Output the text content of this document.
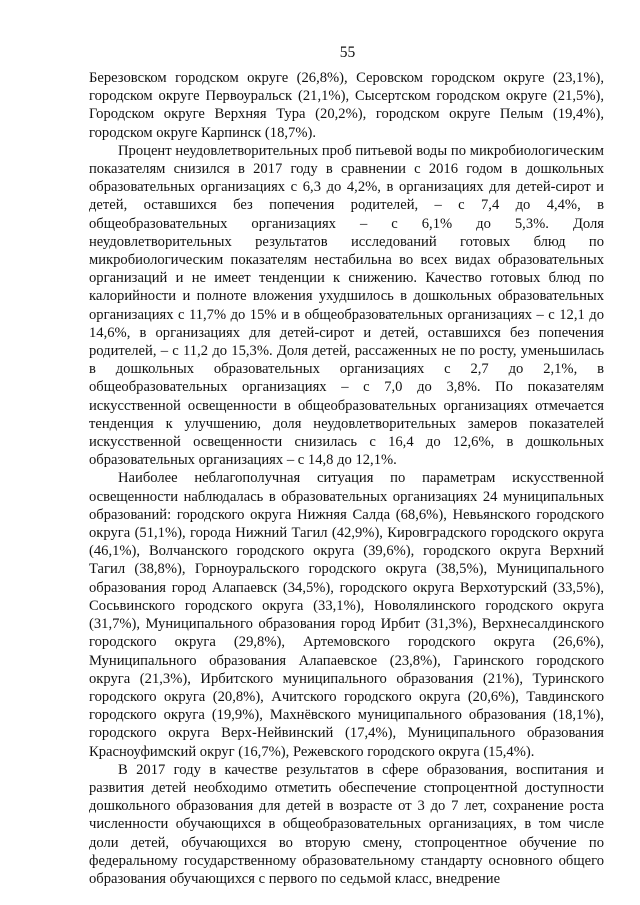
55

Березовском городском округе (26,8%), Серовском городском округе (23,1%), городском округе Первоуральск (21,1%), Сысертском городском округе (21,5%), Городском округе Верхняя Тура (20,2%), городском округе Пелым (19,4%), городском округе Карпинск (18,7%).

Процент неудовлетворительных проб питьевой воды по микробиологическим показателям снизился в 2017 году в сравнении с 2016 годом в дошкольных образовательных организациях с 6,3 до 4,2%, в организациях для детей-сирот и детей, оставшихся без попечения родителей, – с 7,4 до 4,4%, в общеобразовательных организациях – с 6,1% до 5,3%. Доля неудовлетворительных результатов исследований готовых блюд по микробиологическим показателям нестабильна во всех видах образовательных организаций и не имеет тенденции к снижению. Качество готовых блюд по калорийности и полноте вложения ухудшилось в дошкольных образовательных организациях с 11,7% до 15% и в общеобразовательных организациях – с 12,1 до 14,6%, в организациях для детей-сирот и детей, оставшихся без попечения родителей, – с 11,2 до 15,3%. Доля детей, рассаженных не по росту, уменьшилась в дошкольных образовательных организациях с 2,7 до 2,1%, в общеобразовательных организациях – с 7,0 до 3,8%. По показателям искусственной освещенности в общеобразовательных организациях отмечается тенденция к улучшению, доля неудовлетворительных замеров показателей искусственной освещенности снизилась с 16,4 до 12,6%, в дошкольных образовательных организациях – с 14,8 до 12,1%.

Наиболее неблагополучная ситуация по параметрам искусственной освещенности наблюдалась в образовательных организациях 24 муниципальных образований: городского округа Нижняя Салда (68,6%), Невьянского городского округа (51,1%), города Нижний Тагил (42,9%), Кировградского городского округа (46,1%), Волчанского городского округа (39,6%), городского округа Верхний Тагил (38,8%), Горноуральского городского округа (38,5%), Муниципального образования город Алапаевск (34,5%), городского округа Верхотурский (33,5%), Сосьвинского городского округа (33,1%), Новолялинского городского округа (31,7%), Муниципального образования город Ирбит (31,3%), Верхнесалдинского городского округа (29,8%), Артемовского городского округа (26,6%), Муниципального образования Алапаевское (23,8%), Гаринского городского округа (21,3%), Ирбитского муниципального образования (21%), Туринского городского округа (20,8%), Ачитского городского округа (20,6%), Тавдинского городского округа (19,9%), Махнёвского муниципального образования (18,1%), городского округа Верх-Нейвинский (17,4%), Муниципального образования Красноуфимский округ (16,7%), Режевского городского округа (15,4%).

В 2017 году в качестве результатов в сфере образования, воспитания и развития детей необходимо отметить обеспечение стопроцентной доступности дошкольного образования для детей в возрасте от 3 до 7 лет, сохранение роста численности обучающихся в общеобразовательных организациях, в том числе доли детей, обучающихся во вторую смену, стопроцентное обучение по федеральному государственному образовательному стандарту основного общего образования обучающихся с первого по седьмой класс, внедрение
